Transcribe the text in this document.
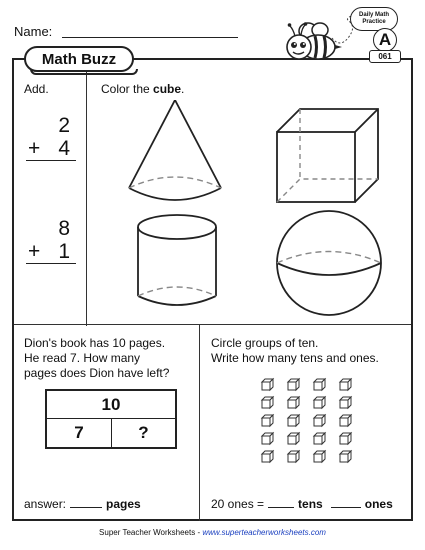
Name:
Math Buzz
Daily Math
Practice
A
061
Add.
2
+ 4
8
+ 1
Color the cube.
Dion's book has 10 pages.
He read 7. How many
pages does Dion have left?
10
7	?
answer:	pages
Circle groups of ten.
Write how many tens and ones.
20 ones =	tens	ones
Super Teacher Worksheets - www.superteacherworksheets.com
